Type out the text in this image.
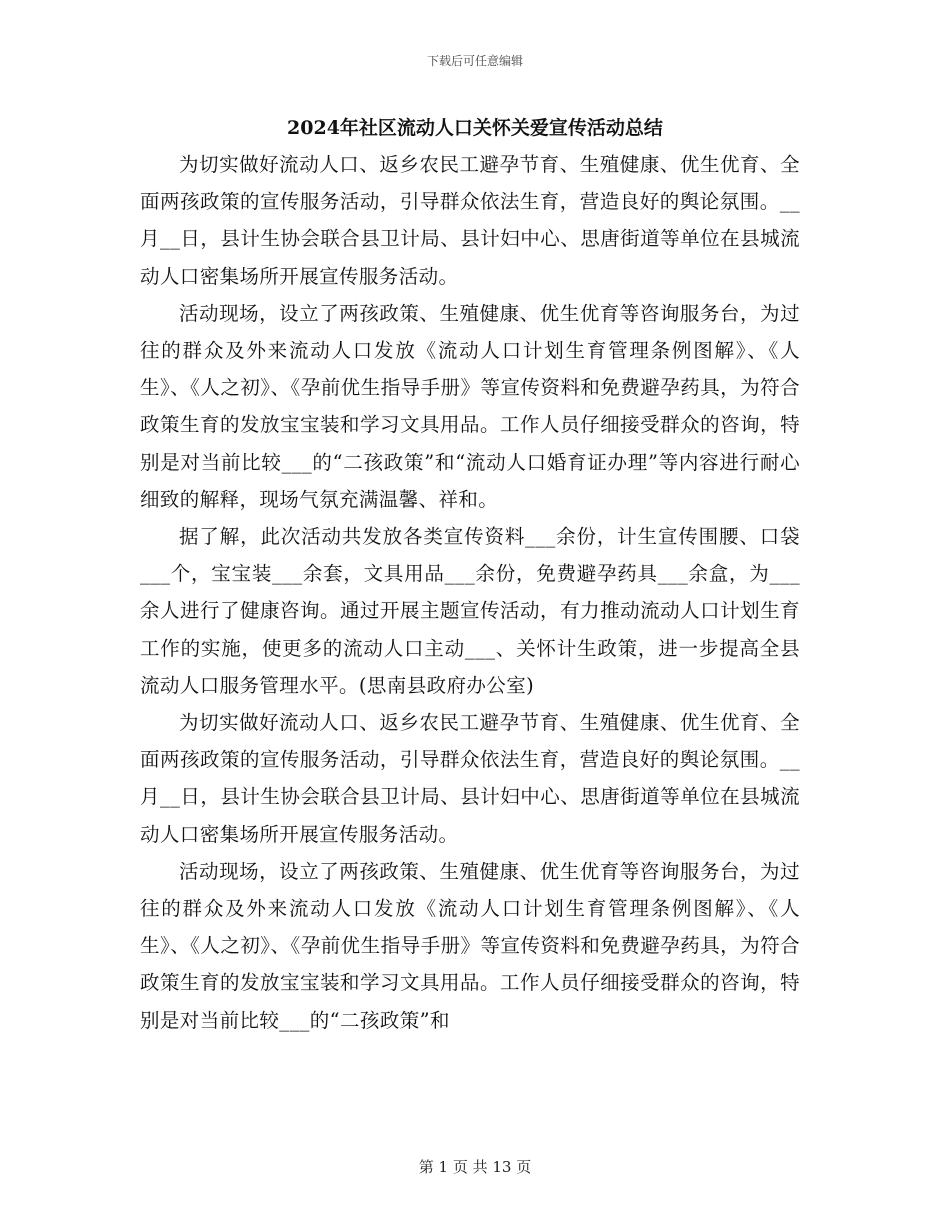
下载后可任意编辑
2024年社区流动人口关怀关爱宣传活动总结

为切实做好流动人口、返乡农民工避孕节育、生殖健康、优生优育、全面两孩政策的宣传服务活动，引导群众依法生育，营造良好的舆论氛围。__月__日，县计生协会联合县卫计局、县计妇中心、思唐街道等单位在县城流动人口密集场所开展宣传服务活动。

活动现场，设立了两孩政策、生殖健康、优生优育等咨询服务台，为过往的群众及外来流动人口发放《流动人口计划生育管理条例图解》、《人生》、《人之初》、《孕前优生指导手册》等宣传资料和免费避孕药具，为符合政策生育的发放宝宝装和学习文具用品。工作人员仔细接受群众的咨询，特别是对当前比较___的“二孩政策”和“流动人口婚育证办理”等内容进行耐心细致的解释，现场气氛充满温馨、祥和。

据了解，此次活动共发放各类宣传资料___余份，计生宣传围腰、口袋___个，宝宝装___余套，文具用品___余份，免费避孕药具___余盒，为___余人进行了健康咨询。通过开展主题宣传活动，有力推动流动人口计划生育工作的实施，使更多的流动人口主动___、关怀计生政策，进一步提高全县流动人口服务管理水平。(思南县政府办公室)

为切实做好流动人口、返乡农民工避孕节育、生殖健康、优生优育、全面两孩政策的宣传服务活动，引导群众依法生育，营造良好的舆论氛围。__月__日，县计生协会联合县卫计局、县计妇中心、思唐街道等单位在县城流动人口密集场所开展宣传服务活动。

活动现场，设立了两孩政策、生殖健康、优生优育等咨询服务台，为过往的群众及外来流动人口发放《流动人口计划生育管理条例图解》、《人生》、《人之初》、《孕前优生指导手册》等宣传资料和免费避孕药具，为符合政策生育的发放宝宝装和学习文具用品。工作人员仔细接受群众的咨询，特别是对当前比较___的“二孩政策”和

第 1 页 共 13 页
